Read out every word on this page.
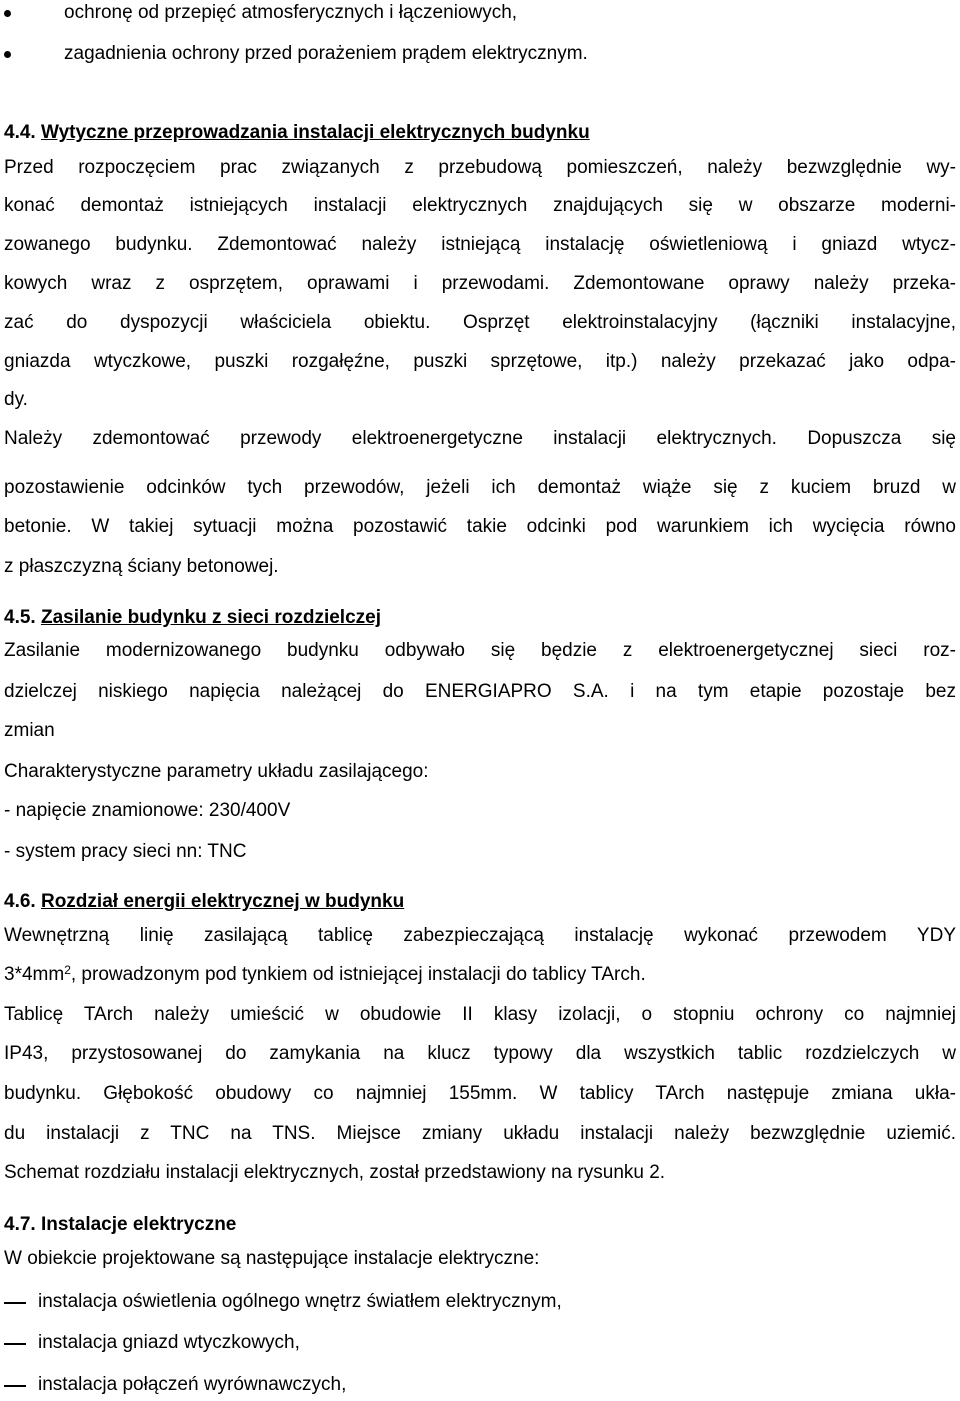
ochronę od przepięć atmosferycznych i łączeniowych,
zagadnienia ochrony przed porażeniem prądem elektrycznym.
4.4. Wytyczne przeprowadzania instalacji elektrycznych budynku
Przed rozpoczęciem prac związanych z przebudową pomieszczeń, należy bezwzględnie wy-
konać demontaż istniejących instalacji elektrycznych znajdujących się w obszarze moderni-
zowanego budynku. Zdemontować należy istniejącą instalację oświetleniową i gniazd wtycz-
kowych wraz z osprzętem, oprawami i przewodami. Zdemontowane oprawy należy przeka-
zać do dyspozycji właściciela obiektu. Osprzęt elektroinstalacyjny (łączniki instalacyjne,
gniazda wtyczkowe, puszki rozgałęźne, puszki sprzętowe, itp.) należy przekazać jako odpa-
dy.
Należy zdemontować przewody elektroenergetyczne instalacji elektrycznych. Dopuszcza się
pozostawienie odcinków tych przewodów, jeżeli ich demontaż wiąże się z kuciem bruzd w
betonie. W takiej sytuacji można pozostawić takie odcinki pod warunkiem ich wycięcia równo
z płaszczyzną ściany betonowej.
4.5. Zasilanie budynku z sieci rozdzielczej
Zasilanie modernizowanego budynku odbywało się będzie z elektroenergetycznej sieci roz-
dzielczej niskiego napięcia należącej do ENERGIAPRO S.A. i na tym etapie pozostaje bez
zmian
Charakterystyczne parametry układu zasilającego:
- napięcie znamionowe: 230/400V
- system pracy sieci nn: TNC
4.6. Rozdział energii elektrycznej w budynku
Wewnętrzną linię zasilającą tablicę zabezpieczającą instalację wykonać przewodem YDY
$3*4mm^2$, prowadzonym pod tynkiem od istniejącej instalacji do tablicy TArch.
Tablicę TArch należy umieścić w obudowie II klasy izolacji, o stopniu ochrony co najmniej
IP43, przystosowanej do zamykania na klucz typowy dla wszystkich tablic rozdzielczych w
budynku. Głębokość obudowy co najmniej 155mm. W tablicy TArch następuje zmiana ukła-
du instalacji z TNC na TNS. Miejsce zmiany układu instalacji należy bezwzględnie uziemić.
Schemat rozdziału instalacji elektrycznych, został przedstawiony na rysunku 2.
4.7. Instalacje elektryczne
W obiekcie projektowane są następujące instalacje elektryczne:
instalacja oświetlenia ogólnego wnętrz światłem elektrycznym,
instalacja gniazd wtyczkowych,
instalacja połączeń wyrównawczych,
